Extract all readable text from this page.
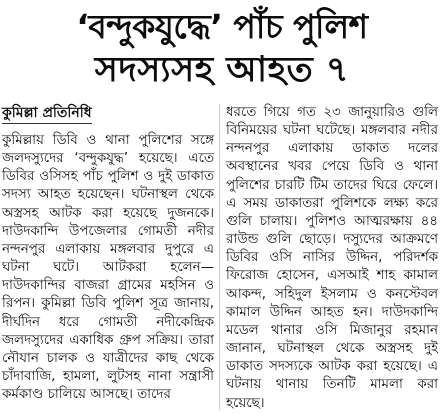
‘বন্দুকযুদ্ধে’ পাঁচ পুলিশ
সদস্যসহ আহত ৭
কুমিল্লা প্রতিনিধি

কুমিল্লায় ডিবি ও থানা পুলিশের সঙ্গে জলদস্যুদের ‘বন্দুকযুদ্ধ’ হয়েছে। এতে ডিবির ওসিসহ পাঁচ পুলিশ ও দুই ডাকাত সদস্য আহত হয়েছেন। ঘটনাস্থল থেকে অস্ত্রসহ আটক করা হয়েছে দুজনকে। দাউদকান্দি উপজেলার গোমতী নদীর নন্দনপুর এলাকায় মঙ্গলবার দুপুরে এ ঘটনা ঘটে। আটকরা হলেন—দাউদকান্দির বাজরা গ্রামের মহসিন ও রিপন। কুমিল্লা ডিবি পুলিশ সূত্র জানায়, দীর্ঘদিন ধরে গোমতী নদীকেন্দ্রিক জলদস্যুদের একাধিক গ্রুপ সক্রিয়। তারা নৌযান চালক ও যাত্রীদের কাছ থেকে চাঁদাবাজি, হামলা, লুটসহ নানা সন্ত্রাসী কর্মকাণ্ড চালিয়ে আসছে। তাদের

ধরতে গিয়ে গত ২৩ জানুয়ারিও গুলি বিনিময়ের ঘটনা ঘটেছে। মঙ্গলবার নদীর নন্দনপুর এলাকায় ডাকাত দলের অবস্থানের খবর পেয়ে ডিবি ও থানা পুলিশের চারটি টিম তাদের ঘিরে ফেলে। এ সময় ডাকাতরা পুলিশকে লক্ষ্য করে গুলি চালায়। পুলিশও আত্মরক্ষায় ৪৪ রাউন্ড গুলি ছোড়ে। দস্যুদের আক্রমণে ডিবির ওসি নাসির উদ্দিন, পরিদর্শক ফিরোজ হোসেন, এসআই শাহ কামাল আকন্দ, সহিদুল ইসলাম ও কনস্টেবল কামাল উদ্দিন আহত হন। দাউদকান্দি মডেল থানার ওসি মিজানুর রহমান জানান, ঘটনাস্থল থেকে অস্ত্রসহ দুই ডাকাত সদস্যকে আটক করা হয়েছে। এ ঘটনায় থানায় তিনটি মামলা করা হয়েছে।
